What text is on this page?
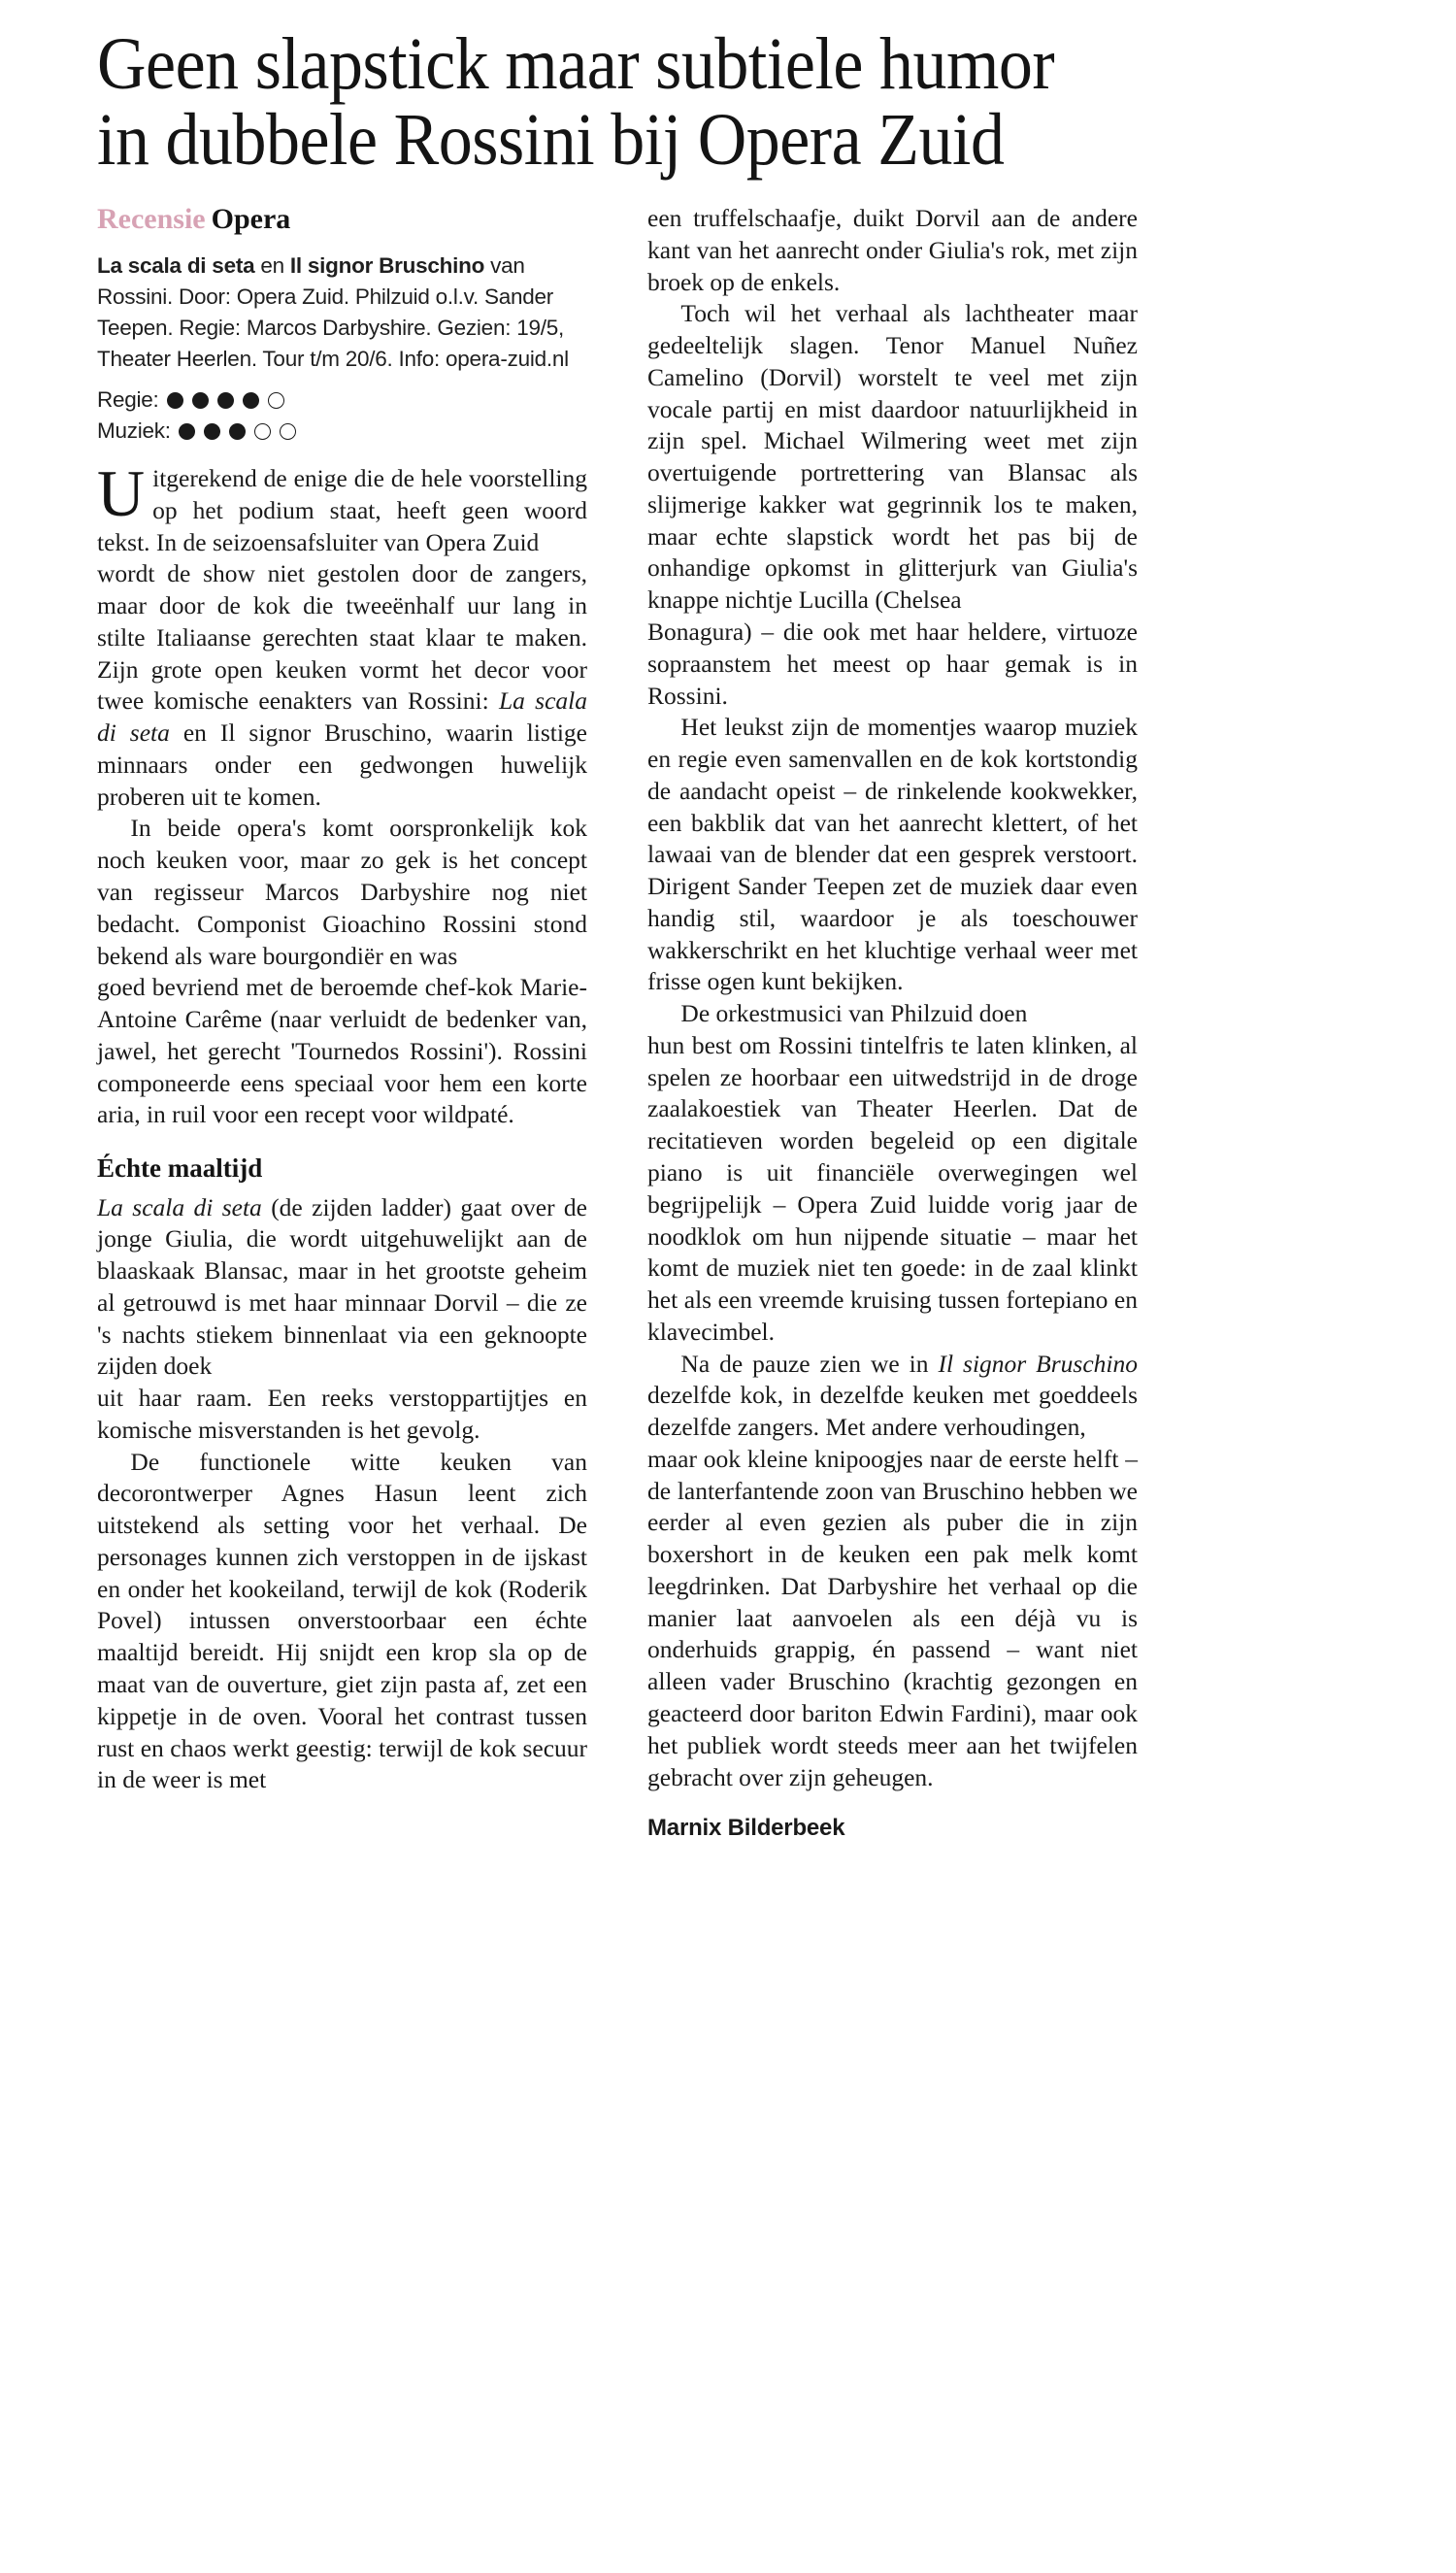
Geen slapstick maar subtiele humor
in dubbele Rossini bij Opera Zuid
Recensie Opera

La scala di seta en Il signor Bruschino van Rossini. Door: Opera Zuid. Philzuid o.l.v. Sander Teepen. Regie: Marcos Darbyshire. Gezien: 19/5, Theater Heerlen. Tour t/m 20/6. Info: opera-zuid.nl

Regie:
Muziek:

Uitgerekend de enige die de hele voorstelling op het podium staat, heeft geen woord tekst. In de seizoensafsluiter van Opera Zuid

wordt de show niet gestolen door de zangers, maar door de kok die tweeënhalf uur lang in stilte Italiaanse gerechten staat klaar te maken. Zijn grote open keuken vormt het decor voor twee komische eenakters van Rossini: La scala di seta en Il signor Bruschino, waarin listige minnaars onder een gedwongen huwelijk proberen uit te komen.

In beide opera's komt oorspronkelijk kok noch keuken voor, maar zo gek is het concept van regisseur Marcos Darbyshire nog niet bedacht. Componist Gioachino Rossini stond bekend als ware bourgondiër en was

goed bevriend met de beroemde chef-kok Marie-Antoine Carême (naar verluidt de bedenker van, jawel, het gerecht 'Tournedos Rossini'). Rossini componeerde eens speciaal voor hem een korte aria, in ruil voor een recept voor wildpaté.

Échte maaltijd

La scala di seta (de zijden ladder) gaat over de jonge Giulia, die wordt uitgehuwelijkt aan de blaaskaak Blansac, maar in het grootste geheim al getrouwd is met haar minnaar Dorvil – die ze 's nachts stiekem binnenlaat via een geknoopte zijden doek

uit haar raam. Een reeks verstoppartijtjes en komische misverstanden is het gevolg.

De functionele witte keuken van decorontwerper Agnes Hasun leent zich uitstekend als setting voor het verhaal. De personages kunnen zich verstoppen in de ijskast en onder het kookeiland, terwijl de kok (Roderik Povel) intussen onverstoorbaar een échte maaltijd bereidt. Hij snijdt een krop sla op de maat van de ouverture, giet zijn pasta af, zet een kippetje in de oven. Vooral het contrast tussen rust en chaos werkt geestig: terwijl de kok secuur in de weer is met

een truffelschaafje, duikt Dorvil aan de andere kant van het aanrecht onder Giulia's rok, met zijn broek op de enkels.

Toch wil het verhaal als lachtheater maar gedeeltelijk slagen. Tenor Manuel Nuñez Camelino (Dorvil) worstelt te veel met zijn vocale partij en mist daardoor natuurlijkheid in zijn spel. Michael Wilmering weet met zijn overtuigende portrettering van Blansac als slijmerige kakker wat gegrinnik los te maken, maar echte slapstick wordt het pas bij de onhandige opkomst in glitterjurk van Giulia's knappe nichtje Lucilla (Chelsea

Bonagura) – die ook met haar heldere, virtuoze sopraanstem het meest op haar gemak is in Rossini.

Het leukst zijn de momentjes waarop muziek en regie even samenvallen en de kok kortstondig de aandacht opeist – de rinkelende kookwekker, een bakblik dat van het aanrecht klettert, of het lawaai van de blender dat een gesprek verstoort. Dirigent Sander Teepen zet de muziek daar even handig stil, waardoor je als toeschouwer wakkerschrikt en het kluchtige verhaal weer met frisse ogen kunt bekijken.

De orkestmusici van Philzuid doen

hun best om Rossini tintelfris te laten klinken, al spelen ze hoorbaar een uitwedstrijd in de droge zaalakoestiek van Theater Heerlen. Dat de recitatieven worden begeleid op een digitale piano is uit financiële overwegingen wel begrijpelijk – Opera Zuid luidde vorig jaar de noodklok om hun nijpende situatie – maar het komt de muziek niet ten goede: in de zaal klinkt het als een vreemde kruising tussen fortepiano en klavecimbel.

Na de pauze zien we in Il signor Bruschino dezelfde kok, in dezelfde keuken met goeddeels dezelfde zangers. Met andere verhoudingen,

maar ook kleine knipoogjes naar de eerste helft – de lanterfantende zoon van Bruschino hebben we eerder al even gezien als puber die in zijn boxershort in de keuken een pak melk komt leegdrinken. Dat Darbyshire het verhaal op die manier laat aanvoelen als een déjà vu is onderhuids grappig, én passend – want niet alleen vader Bruschino (krachtig gezongen en geacteerd door bariton Edwin Fardini), maar ook het publiek wordt steeds meer aan het twijfelen gebracht over zijn geheugen.

Marnix Bilderbeek
